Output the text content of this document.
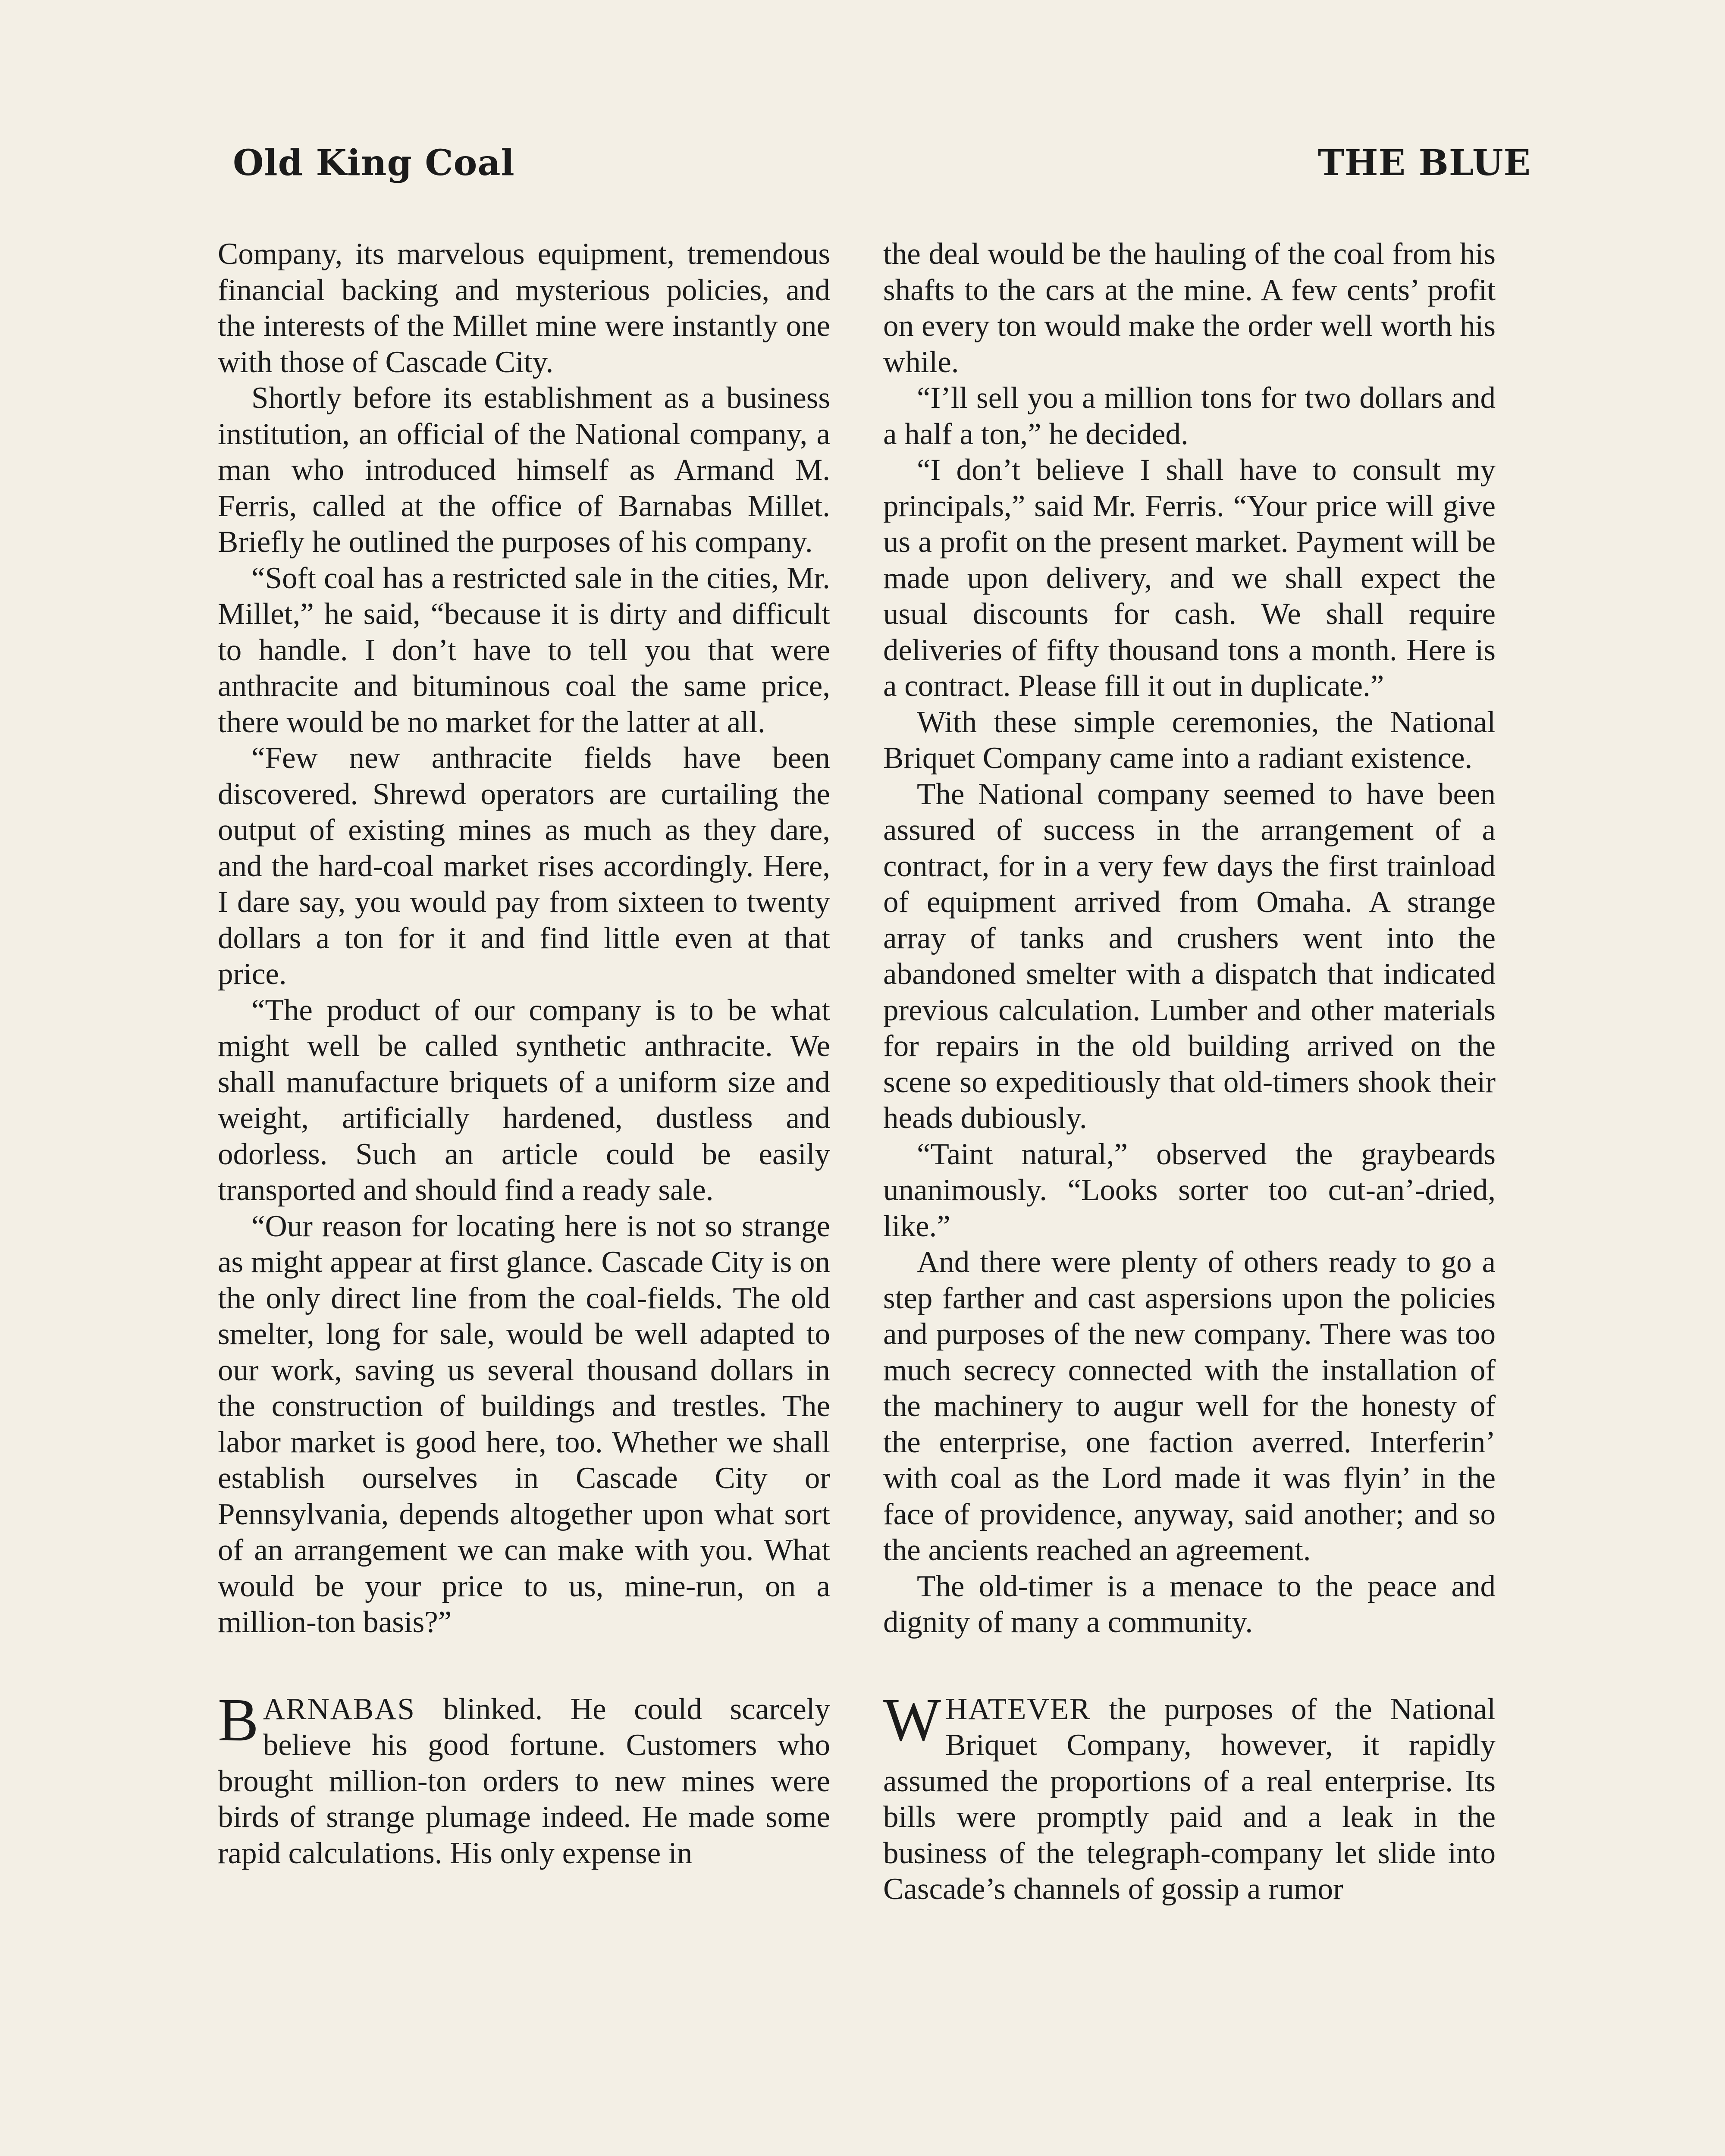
Old King Coal	THE BLUE

Company, its marvelous equipment, tremendous financial backing and mysterious policies, and the interests of the Millet mine were instantly one with those of Cascade City.

Shortly before its establishment as a business institution, an official of the National company, a man who introduced himself as Armand M. Ferris, called at the office of Barnabas Millet. Briefly he outlined the purposes of his company.

“Soft coal has a restricted sale in the cities, Mr. Millet,” he said, “because it is dirty and difficult to handle. I don’t have to tell you that were anthracite and bituminous coal the same price, there would be no market for the latter at all.

“Few new anthracite fields have been discovered. Shrewd operators are curtailing the output of existing mines as much as they dare, and the hard-coal market rises accordingly. Here, I dare say, you would pay from sixteen to twenty dollars a ton for it and find little even at that price.

“The product of our company is to be what might well be called synthetic anthracite. We shall manufacture briquets of a uniform size and weight, artificially hardened, dustless and odorless. Such an article could be easily transported and should find a ready sale.

“Our reason for locating here is not so strange as might appear at first glance. Cascade City is on the only direct line from the coal-fields. The old smelter, long for sale, would be well adapted to our work, saving us several thousand dollars in the construction of buildings and trestles. The labor market is good here, too. Whether we shall establish ourselves in Cascade City or Pennsylvania, depends altogether upon what sort of an arrangement we can make with you. What would be your price to us, mine-run, on a million-ton basis?”

BARNABAS blinked. He could scarcely believe his good fortune. Customers who brought million-ton orders to new mines were birds of strange plumage indeed. He made some rapid calculations. His only expense in

the deal would be the hauling of the coal from his shafts to the cars at the mine. A few cents’ profit on every ton would make the order well worth his while.

“I’ll sell you a million tons for two dollars and a half a ton,” he decided.

“I don’t believe I shall have to consult my principals,” said Mr. Ferris. “Your price will give us a profit on the present market. Payment will be made upon delivery, and we shall expect the usual discounts for cash. We shall require deliveries of fifty thousand tons a month. Here is a contract. Please fill it out in duplicate.”

With these simple ceremonies, the National Briquet Company came into a radiant existence.

The National company seemed to have been assured of success in the arrangement of a contract, for in a very few days the first trainload of equipment arrived from Omaha. A strange array of tanks and crushers went into the abandoned smelter with a dispatch that indicated previous calculation. Lumber and other materials for repairs in the old building arrived on the scene so expeditiously that old-timers shook their heads dubiously.

“Taint natural,” observed the graybeards unanimously. “Looks sorter too cut-an’-dried, like.”

And there were plenty of others ready to go a step farther and cast aspersions upon the policies and purposes of the new company. There was too much secrecy connected with the installation of the machinery to augur well for the honesty of the enterprise, one faction averred. Interferin’ with coal as the Lord made it was flyin’ in the face of providence, anyway, said another; and so the ancients reached an agreement.

The old-timer is a menace to the peace and dignity of many a community.

WHATEVER the purposes of the National Briquet Company, however, it rapidly assumed the proportions of a real enterprise. Its bills were promptly paid and a leak in the business of the telegraph-company let slide into Cascade’s channels of gossip a rumor
